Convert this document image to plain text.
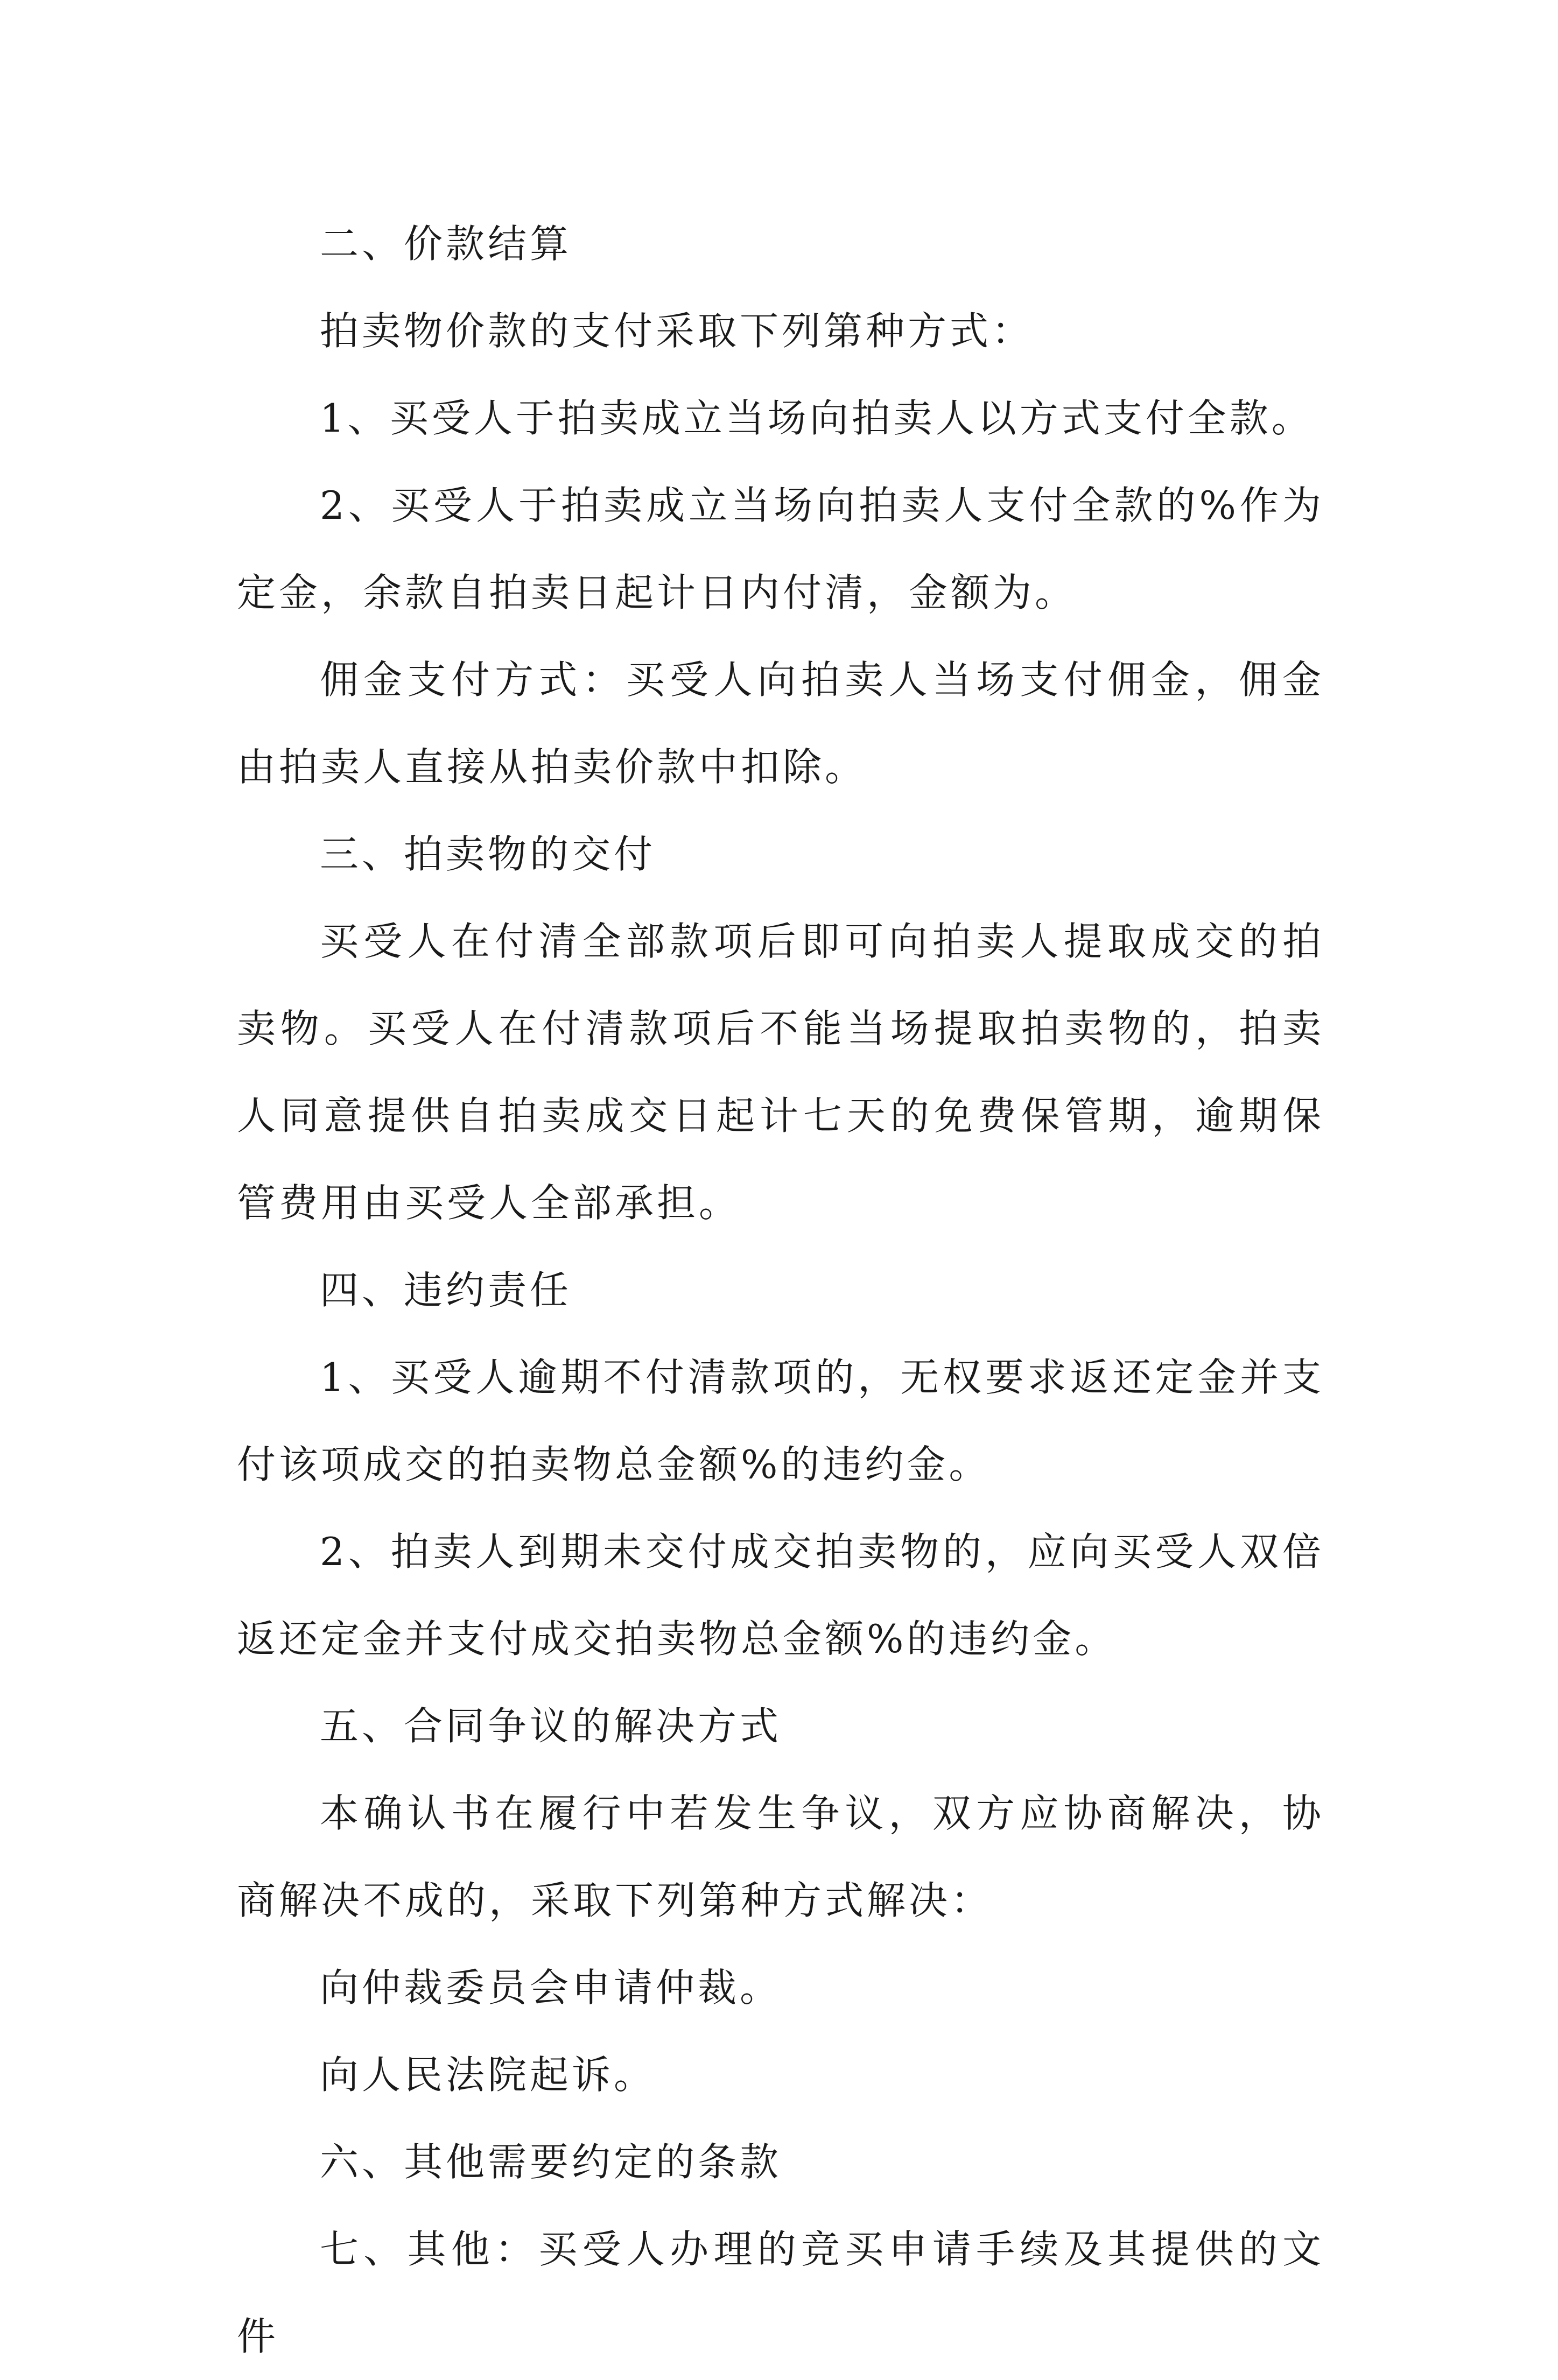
二、价款结算

拍卖物价款的支付采取下列第种方式：

1、买受人于拍卖成立当场向拍卖人以方式支付全款。

2、买受人于拍卖成立当场向拍卖人支付全款的%作为定金，余款自拍卖日起计日内付清，金额为。

佣金支付方式：买受人向拍卖人当场支付佣金，佣金由拍卖人直接从拍卖价款中扣除。

三、拍卖物的交付

买受人在付清全部款项后即可向拍卖人提取成交的拍卖物。买受人在付清款项后不能当场提取拍卖物的，拍卖人同意提供自拍卖成交日起计七天的免费保管期，逾期保管费用由买受人全部承担。

四、违约责任

1、买受人逾期不付清款项的，无权要求返还定金并支付该项成交的拍卖物总金额%的违约金。

2、拍卖人到期未交付成交拍卖物的，应向买受人双倍返还定金并支付成交拍卖物总金额%的违约金。

五、合同争议的解决方式

本确认书在履行中若发生争议，双方应协商解决，协商解决不成的，采取下列第种方式解决：

向仲裁委员会申请仲裁。

向人民法院起诉。

六、其他需要约定的条款

七、其他：买受人办理的竞买申请手续及其提供的文件
